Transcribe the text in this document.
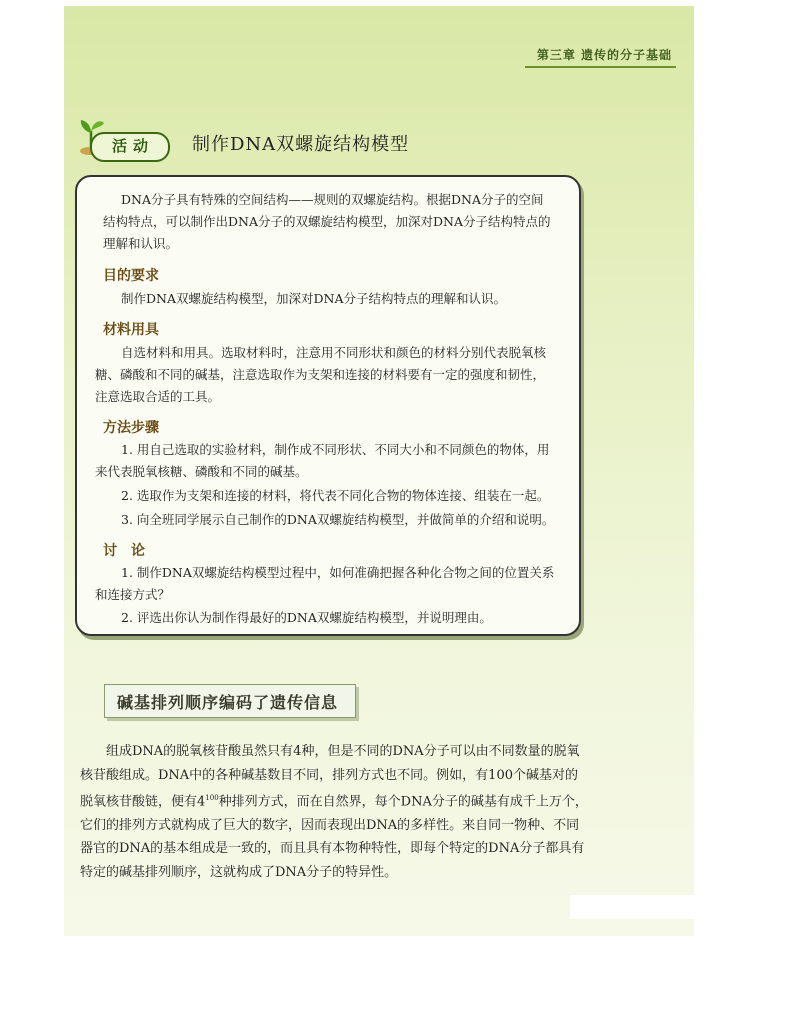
第三章 遗传的分子基础
活动 制作DNA双螺旋结构模型

DNA分子具有特殊的空间结构——规则的双螺旋结构。根据DNA分子的空间结构特点，可以制作出DNA分子的双螺旋结构模型，加深对DNA分子结构特点的理解和认识。

目的要求

制作DNA双螺旋结构模型，加深对DNA分子结构特点的理解和认识。

材料用具

自选材料和用具。选取材料时，注意用不同形状和颜色的材料分别代表脱氧核糖、磷酸和不同的碱基，注意选取作为支架和连接的材料要有一定的强度和韧性，注意选取合适的工具。

方法步骤

1. 用自己选取的实验材料，制作成不同形状、不同大小和不同颜色的物体，用来代表脱氧核糖、磷酸和不同的碱基。

2. 选取作为支架和连接的材料，将代表不同化合物的物体连接、组装在一起。

3. 向全班同学展示自己制作的DNA双螺旋结构模型，并做简单的介绍和说明。

讨　论

1. 制作DNA双螺旋结构模型过程中，如何准确把握各种化合物之间的位置关系和连接方式？

2. 评选出你认为制作得最好的DNA双螺旋结构模型，并说明理由。

碱基排列顺序编码了遗传信息

组成DNA的脱氧核苷酸虽然只有4种，但是不同的DNA分子可以由不同数量的脱氧核苷酸组成。DNA中的各种碱基数目不同，排列方式也不同。例如，有100个碱基对的脱氧核苷酸链，便有$4^{100}$种排列方式，而在自然界，每个DNA分子的碱基有成千上万个，它们的排列方式就构成了巨大的数字，因而表现出DNA的多样性。来自同一物种、不同器官的DNA的基本组成是一致的，而且具有本物种特性，即每个特定的DNA分子都具有特定的碱基排列顺序，这就构成了DNA分子的特异性。
